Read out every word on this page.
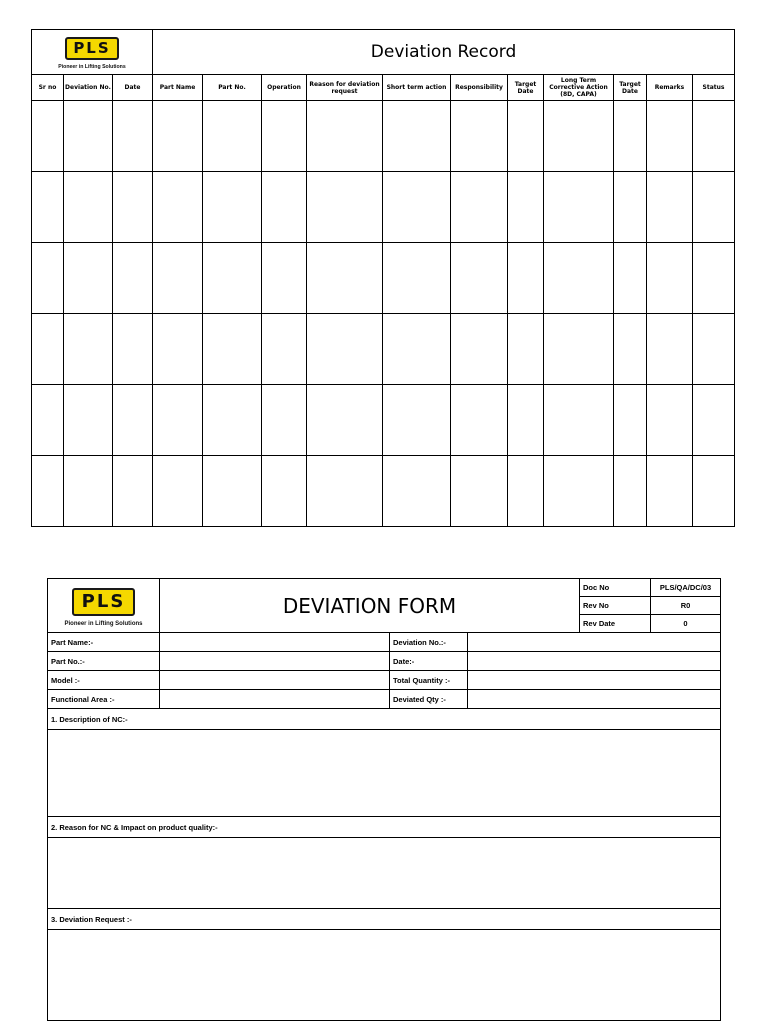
PLS
Pioneer in Lifting Solutions			Deviation Record										
Sr no	Deviation No.	Date	Part Name	Part No.	Operation	Reason for deviation request	Short term action	Responsibility	Target Date	Long Term Corrective Action (8D, CAPA)	Target Date	Remarks	Status

PLS
Pioneer in Lifting Solutions	DEVIATION FORM			Doc No	PLS/QA/DC/03
				Rev No	R0
				Rev Date	0
Part Name:-		Deviation No.:-			
Part No.:-		Date:-			
Model :-		Total Quantity :-			
Functional Area :-		Deviated Qty :-			
1. Description of NC:-					

2. Reason for NC & Impact on product quality:-					

3. Deviation Request :-					
